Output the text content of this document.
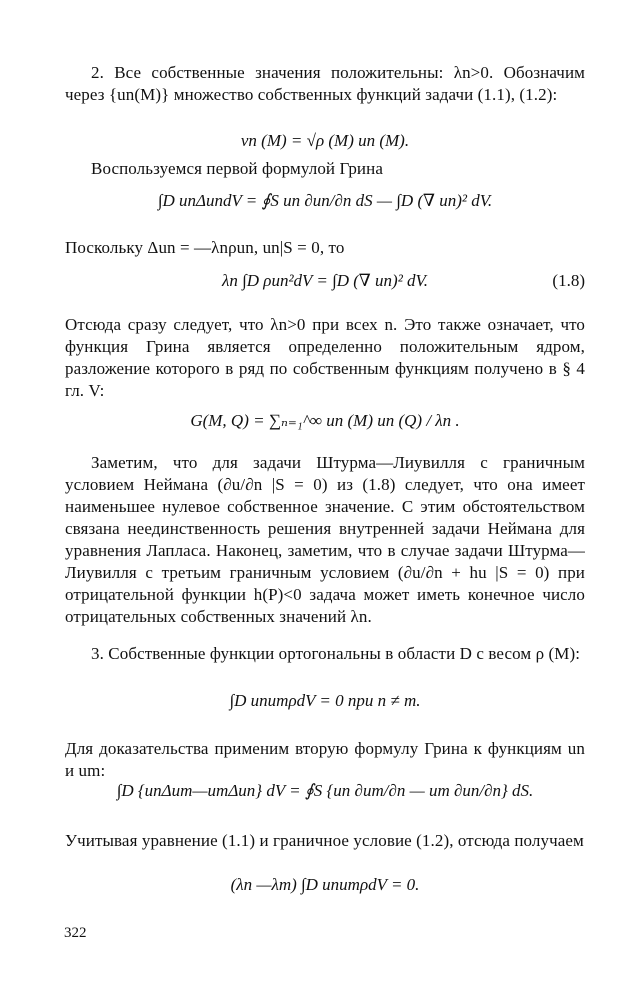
2. Все собственные значения положительны: λn>0. Обозначим через {un(M)} множество собственных функций задачи (1.1), (1.2):

vn (M) = √ρ (M) un (M).

Воспользуемся первой формулой Грина

∫D unΔundV = ∮S un ∂un/∂n dS — ∫D (∇ un)² dV.

Поскольку Δun = —λnρun, un|S = 0, то

λn ∫D ρun²dV = ∫D (∇ un)² dV.	(1.8)

Отсюда сразу следует, что λn>0 при всех n. Это также означает, что функция Грина является определенно положительным ядром, разложение которого в ряд по собственным функциям получено в § 4 гл. V:

G(M, Q) = ∑ₙ₌₁^∞ un (M) un (Q) / λn .

Заметим, что для задачи Штурма—Лиувилля с граничным условием Неймана (∂u/∂n |S = 0) из (1.8) следует, что она имеет наименьшее нулевое собственное значение. С этим обстоятельством связана неединственность решения внутренней задачи Неймана для уравнения Лапласа. Наконец, заметим, что в случае задачи Штурма—Лиувилля с третьим граничным условием (∂u/∂n + hu |S = 0) при отрицательной функции h(P)<0 задача может иметь конечное число отрицательных собственных значений λn.

3. Собственные функции ортогональны в области D с весом ρ (M):

∫D unumρdV = 0 при n ≠ m.

Для доказательства применим вторую формулу Грина к функциям un и um:

∫D {unΔum—umΔun} dV = ∮S {un ∂um/∂n — um ∂un/∂n} dS.

Учитывая уравнение (1.1) и граничное условие (1.2), отсюда получаем

(λn —λm) ∫D unumρdV = 0.
322
